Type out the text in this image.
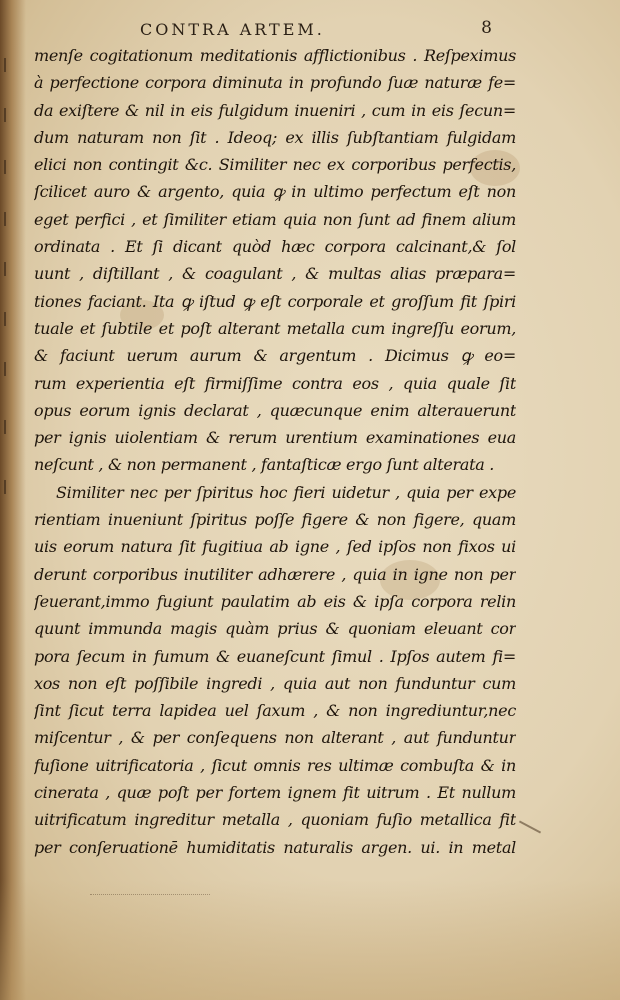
CONTRA ARTEM.	8
menſe cogitationum meditationis afflictionibus . Reſpeximus
à perfectione corpora diminuta in profundo ſuæ naturæ fe=
da exiſtere & nil in eis fulgidum inueniri , cum in eis ſecun=
dum naturam non ſit . Ideoq; ex illis ſubſtantiam fulgidam
elici non contingit &c. Similiter nec ex corporibus perfectis,
ſcilicet auro & argento, quia ꝙ in ultimo perfectum eſt non
eget perfici , et ſimiliter etiam quia non ſunt ad finem alium
ordinata . Et ſi dicant quòd hæc corpora calcinant,& ſol
uunt , diſtillant , & coagulant , & multas alias præpara=
tiones faciant. Ita ꝙ iſtud ꝙ eſt corporale et groſſum fit ſpiri
tuale et ſubtile et poſt alterant metalla cum ingreſſu eorum,
& faciunt uerum aurum & argentum . Dicimus ꝙ eo=
rum experientia eſt firmiſſime contra eos , quia quale ſit
opus eorum ignis declarat , quæcunque enim alterauerunt
per ignis uiolentiam & rerum urentium examinationes eua
neſcunt , & non permanent , fantaſticæ ergo ſunt alterata .
Similiter nec per ſpiritus hoc fieri uidetur , quia per expe
rientiam inueniunt ſpiritus poſſe figere & non figere, quam
uis eorum natura ſit fugitiua ab igne , ſed ipſos non fixos ui
derunt corporibus inutiliter adhærere , quia in igne non per
ſeuerant,immo fugiunt paulatim ab eis & ipſa corpora relin
quunt immunda magis quàm prius & quoniam eleuant cor
pora ſecum in fumum & euaneſcunt ſimul . Ipſos autem fi=
xos non eſt poſſibile ingredi , quia aut non funduntur cum
ſint ſicut terra lapidea uel ſaxum , & non ingrediuntur,nec
miſcentur , & per conſequens non alterant , aut funduntur
fuſione uitrificatoria , ſicut omnis res ultimæ combuſta & in
cinerata , quæ poſt per fortem ignem fit uitrum . Et nullum
uitrificatum ingreditur metalla , quoniam fuſio metallica fit
per conſeruationē humiditatis naturalis argen. ui. in metal
